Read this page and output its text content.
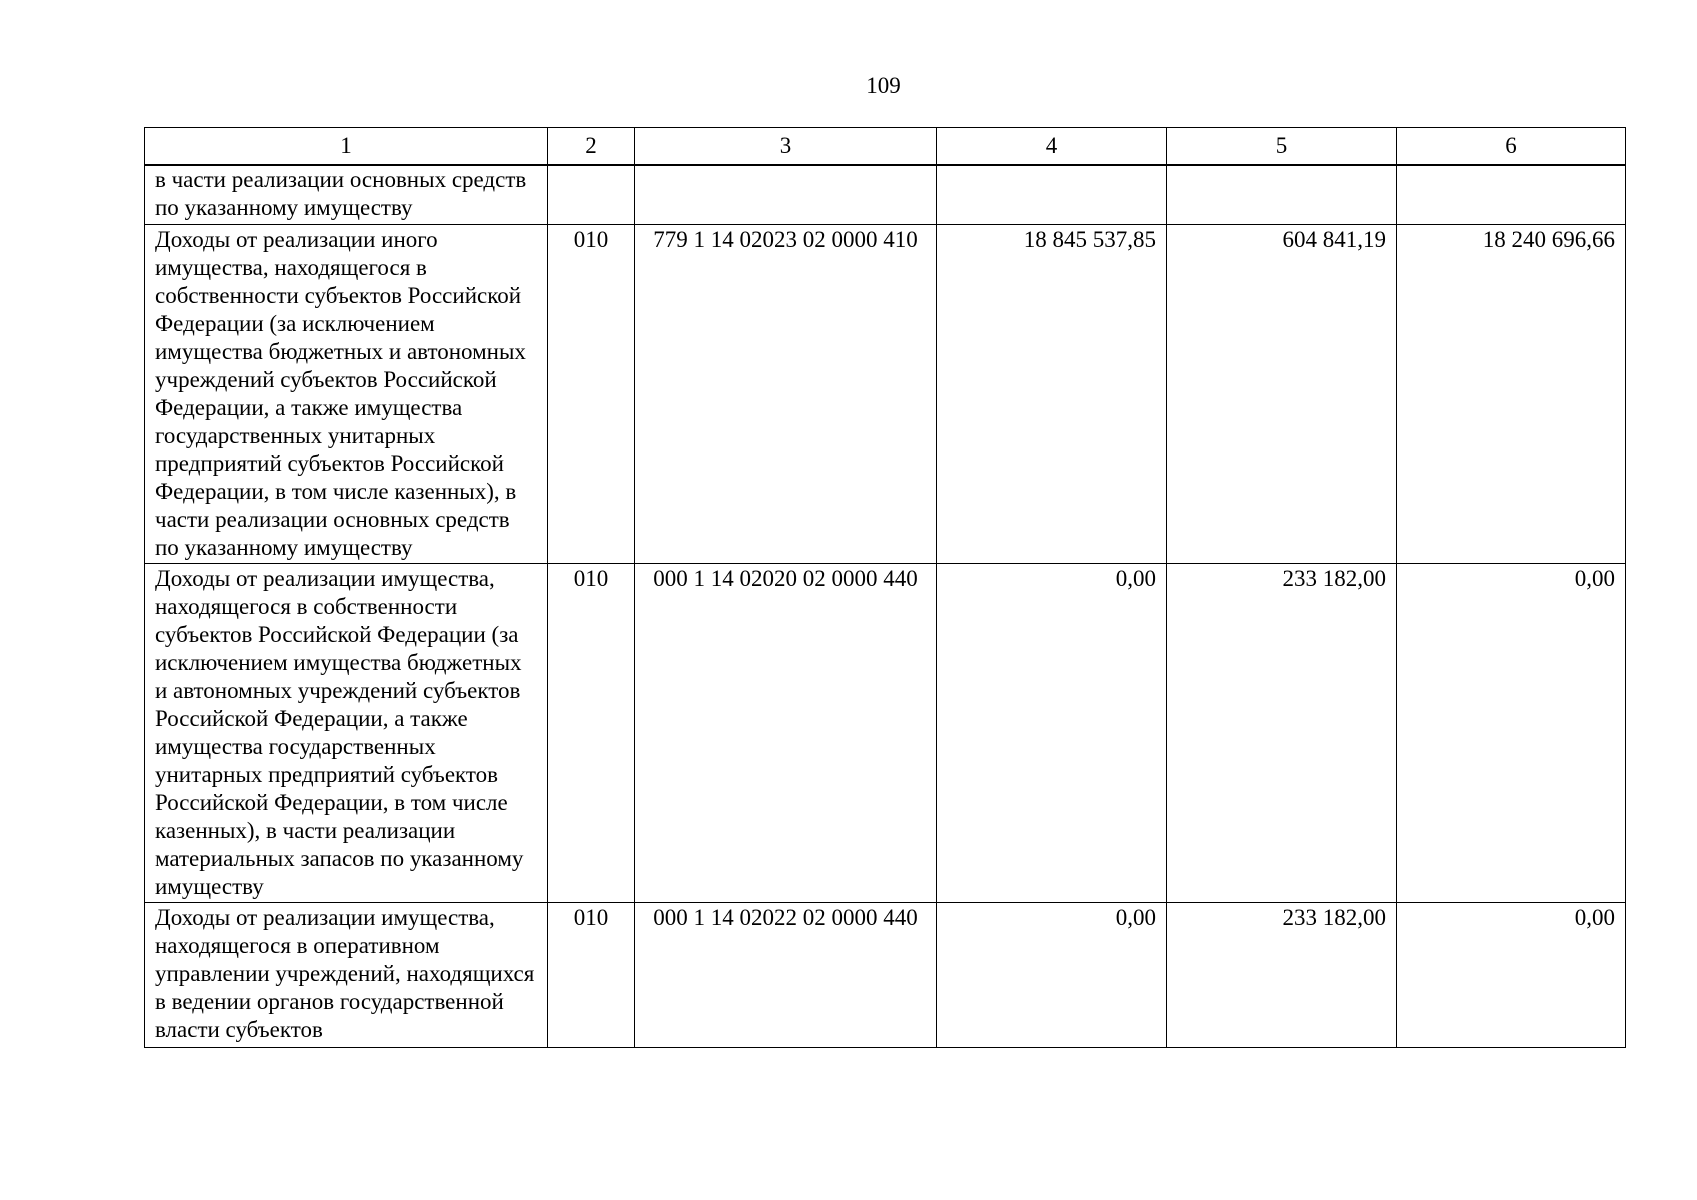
109
1	2	3	4	5	6
в части реализации основных средств по указанному имуществу					
Доходы от реализации иного имущества, находящегося в собственности субъектов Российской Федерации (за исключением имущества бюджетных и автономных учреждений субъектов Российской Федерации, а также имущества государственных унитарных предприятий субъектов Российской Федерации, в том числе казенных), в части реализации основных средств по указанному имуществу	010	779 1 14 02023 02 0000 410	18 845 537,85	604 841,19	18 240 696,66
Доходы от реализации имущества, находящегося в собственности субъектов Российской Федерации (за исключением имущества бюджетных и автономных учреждений субъектов Российской Федерации, а также имущества государственных унитарных предприятий субъектов Российской Федерации, в том числе казенных), в части реализации материальных запасов по указанному имуществу	010	000 1 14 02020 02 0000 440	0,00	233 182,00	0,00
Доходы от реализации имущества, находящегося в оперативном управлении учреждений, находящихся в ведении органов государственной власти субъектов	010	000 1 14 02022 02 0000 440	0,00	233 182,00	0,00
